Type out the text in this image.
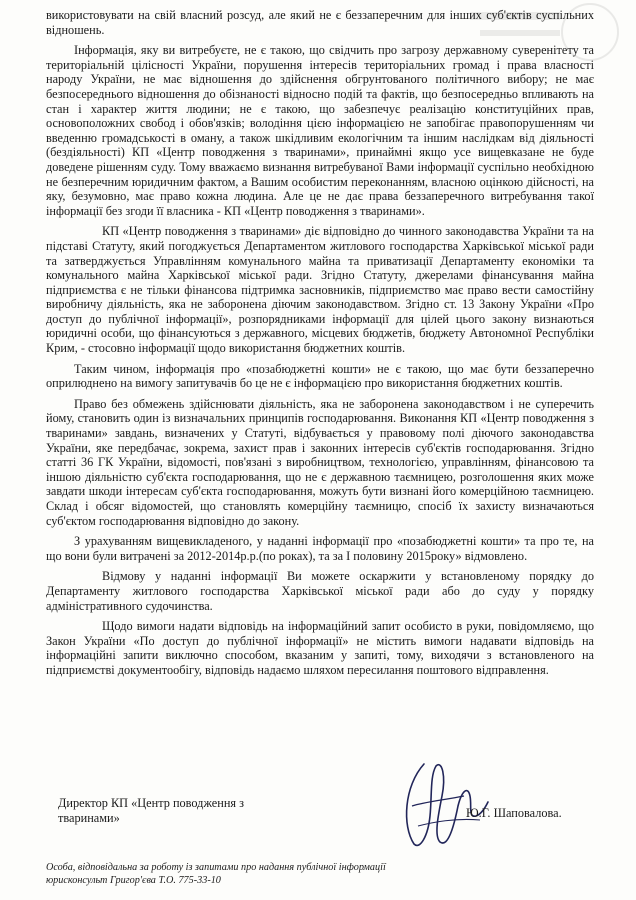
використовувати на свій власний розсуд, але який не є беззаперечним для інших суб'єктів суспільних відношень.

Інформація, яку ви витребуєте, не є такою, що свідчить про загрозу державному суверенітету та територіальній цілісності України, порушення інтересів територіальних громад і права власності народу України, не має відношення до здійснення обгрунтованого політичного вибору; не має безпосереднього відношення до обізнаності відносно подій та фактів, що безпосередньо впливають на стан і характер життя людини; не є такою, що забезпечує реалізацію конституційних прав, основоположних свобод і обов'язків; володіння цією інформацією не запобігає правопорушенням чи введенню громадськості в оману, а також шкідливим екологічним та іншим наслідкам від діяльності (бездіяльності) КП «Центр поводження з тваринами», принаймні якщо усе вищевказане не буде доведене рішенням суду. Тому вважаємо визнання витребуваної Вами інформації суспільно необхідною не безперечним юридичним фактом, а Вашим особистим переконанням, власною оцінкою дійсності, на яку, безумовно, має право кожна людина. Але це не дає права беззаперечного витребування такої інформації без згоди її власника - КП «Центр поводження з тваринами».

КП «Центр поводження з тваринами» діє відповідно до чинного законодавства України та на підставі Статуту, який погоджується Департаментом житлового господарства Харківської міської ради та затверджується Управлінням комунального майна та приватизації Департаменту економіки та комунального майна Харківської міської ради. Згідно Статуту, джерелами фінансування майна підприємства є не тільки фінансова підтримка засновників, підприємство має право вести самостійну виробничу діяльність, яка не заборонена діючим законодавством. Згідно ст. 13 Закону України «Про доступ до публічної інформації», розпорядниками інформації для цілей цього закону визнаються юридичні особи, що фінансуються з державного, місцевих бюджетів, бюджету Автономної Республіки Крим, - стосовно інформації щодо використання бюджетних коштів.

Таким чином, інформація про «позабюджетні кошти» не є такою, що має бути беззаперечно оприлюднено на вимогу запитувачів бо це не є інформацією про використання бюджетних коштів.

Право без обмежень здійснювати діяльність, яка не заборонена законодавством і не суперечить йому, становить один із визначальних принципів господарювання. Виконання КП «Центр поводження з тваринами» завдань, визначених у Статуті, відбувається у правовому полі діючого законодавства України, яке передбачає, зокрема, захист прав і законних інтересів суб'єктів господарювання. Згідно статті 36 ГК України, відомості, пов'язані з виробництвом, технологією, управлінням, фінансовою та іншою діяльністю суб'єкта господарювання, що не є державною таємницею, розголошення яких може завдати шкоди інтересам суб'єкта господарювання, можуть бути визнані його комерційною таємницею. Склад і обсяг відомостей, що становлять комерційну таємницю, спосіб їх захисту визначаються суб'єктом господарювання відповідно до закону.

З урахуванням вищевикладеного, у наданні інформації про «позабюджетні кошти» та про те, на що вони були витрачені за 2012-2014р.р.(по роках), та за І половину 2015року» відмовлено.

Відмову у наданні інформації Ви можете оскаржити у встановленому порядку до Департаменту житлового господарства Харківської міської ради або до суду у порядку адміністративного судочинства.

Щодо вимоги надати відповідь на інформаційний запит особисто в руки, повідомляємо, що Закон України «По доступ до публічної інформації» не містить вимоги надавати відповідь на інформаційні запити виключно способом, вказаним у запиті, тому, виходячи з встановленого на підприємстві документообігу, відповідь надаємо шляхом пересилання поштового відправлення.

Директор КП «Центр поводження з тваринами»	Ю.Г. Шаповалова.
Особа, відповідальна за роботу із запитами про надання публічної інформації
юрисконсульт Григор'єва Т.О. 775-33-10
